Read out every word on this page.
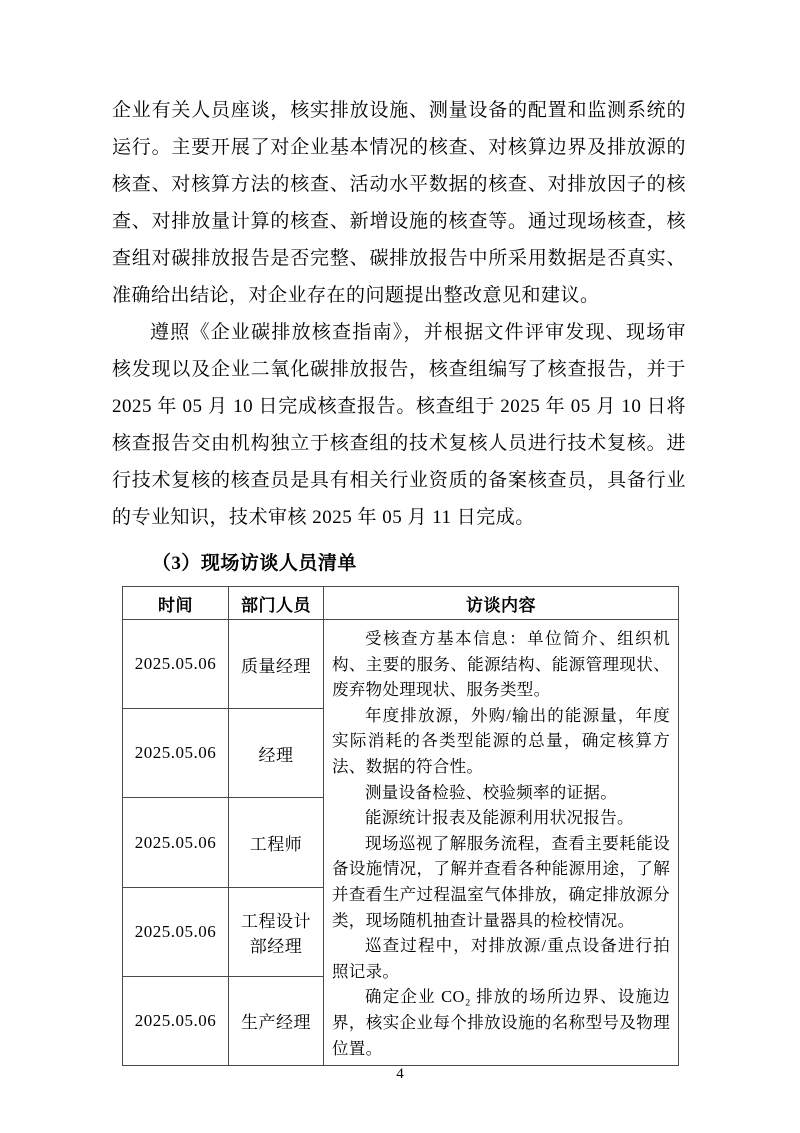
企业有关人员座谈，核实排放设施、测量设备的配置和监测系统的运行。主要开展了对企业基本情况的核查、对核算边界及排放源的核查、对核算方法的核查、活动水平数据的核查、对排放因子的核查、对排放量计算的核查、新增设施的核查等。通过现场核查，核查组对碳排放报告是否完整、碳排放报告中所采用数据是否真实、准确给出结论，对企业存在的问题提出整改意见和建议。

遵照《企业碳排放核查指南》，并根据文件评审发现、现场审核发现以及企业二氧化碳排放报告，核查组编写了核查报告，并于 2025 年 05 月 10 日完成核查报告。核查组于 2025 年 05 月 10 日将核查报告交由机构独立于核查组的技术复核人员进行技术复核。进行技术复核的核查员是具有相关行业资质的备案核查员，具备行业的专业知识，技术审核 2025 年 05 月 11 日完成。

（3）现场访谈人员清单
时间	部门人员	访谈内容
2025.05.06	质量经理	

受核查方基本信息：单位简介、组织机构、主要的服务、能源结构、能源管理现状、废弃物处理现状、服务类型。

年度排放源，外购/输出的能源量，年度实际消耗的各类型能源的总量，确定核算方法、数据的符合性。

测量设备检验、校验频率的证据。

能源统计报表及能源利用状况报告。

现场巡视了解服务流程，查看主要耗能设备设施情况，了解并查看各种能源用途，了解并查看生产过程温室气体排放，确定排放源分类，现场随机抽查计量器具的检校情况。

巡查过程中，对排放源/重点设备进行拍照记录。

确定企业 CO₂ 排放的场所边界、设施边界，核实企业每个排放设施的名称型号及物理位置。

2025.05.06	经理	
2025.05.06	工程师	
2025.05.06	工程设计部经理	
2025.05.06	生产经理	
4
